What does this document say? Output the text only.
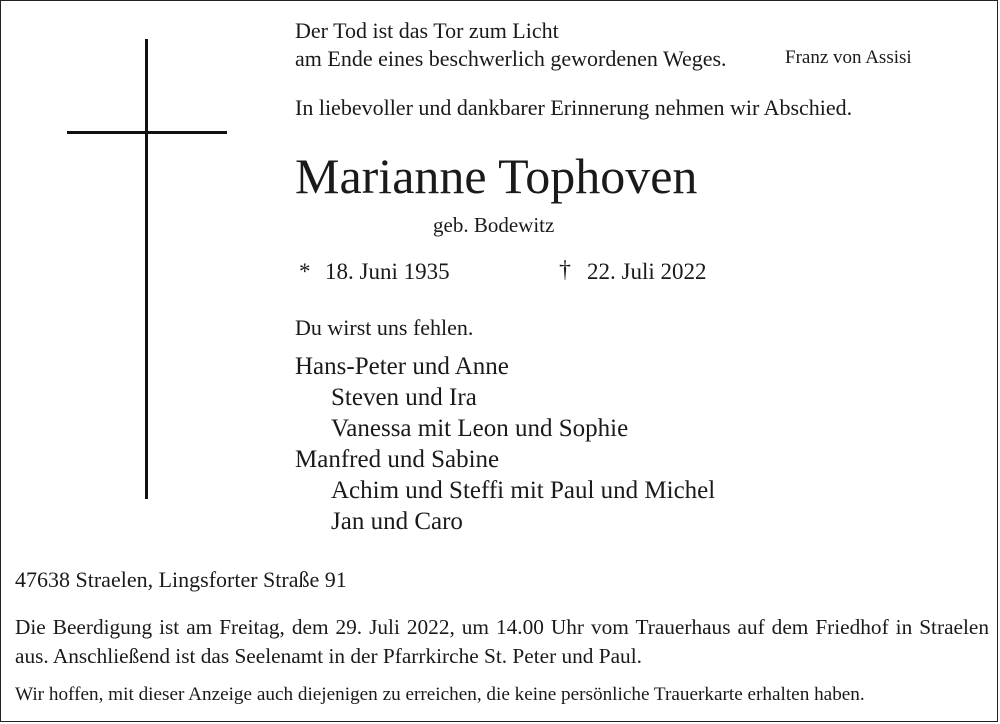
Der Tod ist das Tor zum Licht
am Ende eines beschwerlich gewordenen Weges.	Franz von Assisi
In liebevoller und dankbarer Erinnerung nehmen wir Abschied.
Marianne Tophoven
geb. Bodewitz
* 18. Juni 1935	† 22. Juli 2022
Du wirst uns fehlen.
Hans-Peter und Anne
Steven und Ira
Vanessa mit Leon und Sophie
Manfred und Sabine
Achim und Steffi mit Paul und Michel
Jan und Caro
47638 Straelen, Lingsforter Straße 91
Die Beerdigung ist am Freitag, dem 29. Juli 2022, um 14.00 Uhr vom Trauerhaus auf dem Friedhof in Straelen aus. Anschließend ist das Seelenamt in der Pfarrkirche St. Peter und Paul.
Wir hoffen, mit dieser Anzeige auch diejenigen zu erreichen, die keine persönliche Trauerkarte erhalten haben.
